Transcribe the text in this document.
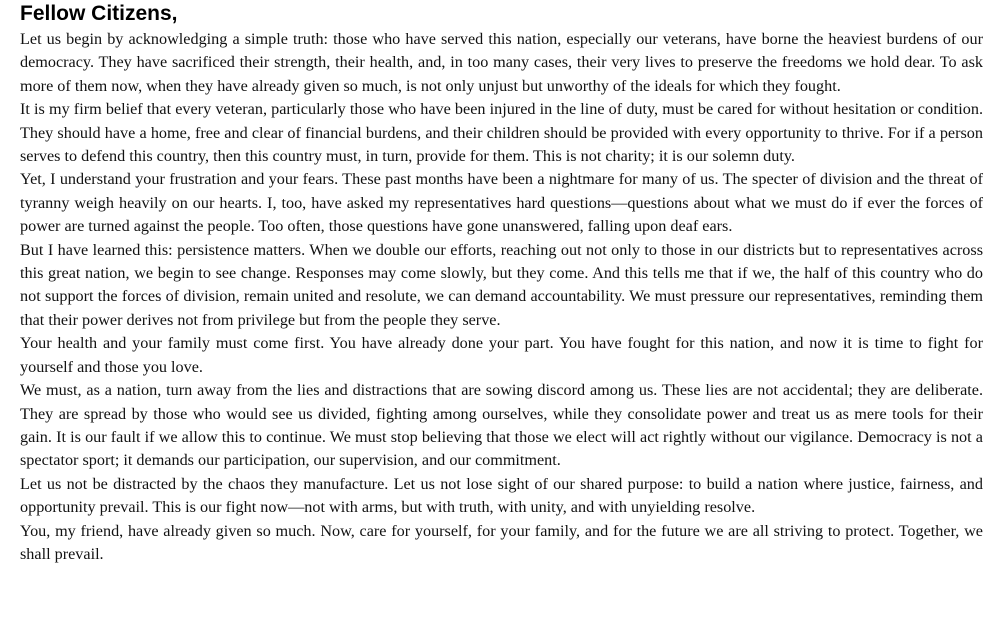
Fellow Citizens,

Let us begin by acknowledging a simple truth: those who have served this nation, especially our veterans, have borne the heaviest burdens of our democracy. They have sacrificed their strength, their health, and, in too many cases, their very lives to preserve the freedoms we hold dear. To ask more of them now, when they have already given so much, is not only unjust but unworthy of the ideals for which they fought.

It is my firm belief that every veteran, particularly those who have been injured in the line of duty, must be cared for without hesitation or condition. They should have a home, free and clear of financial burdens, and their children should be provided with every opportunity to thrive. For if a person serves to defend this country, then this country must, in turn, provide for them. This is not charity; it is our solemn duty.

Yet, I understand your frustration and your fears. These past months have been a nightmare for many of us. The specter of division and the threat of tyranny weigh heavily on our hearts. I, too, have asked my representatives hard questions—questions about what we must do if ever the forces of power are turned against the people. Too often, those questions have gone unanswered, falling upon deaf ears.

But I have learned this: persistence matters. When we double our efforts, reaching out not only to those in our districts but to representatives across this great nation, we begin to see change. Responses may come slowly, but they come. And this tells me that if we, the half of this country who do not support the forces of division, remain united and resolute, we can demand accountability. We must pressure our representatives, reminding them that their power derives not from privilege but from the people they serve.

Your health and your family must come first. You have already done your part. You have fought for this nation, and now it is time to fight for yourself and those you love.

We must, as a nation, turn away from the lies and distractions that are sowing discord among us. These lies are not accidental; they are deliberate. They are spread by those who would see us divided, fighting among ourselves, while they consolidate power and treat us as mere tools for their gain. It is our fault if we allow this to continue. We must stop believing that those we elect will act rightly without our vigilance. Democracy is not a spectator sport; it demands our participation, our supervision, and our commitment.

Let us not be distracted by the chaos they manufacture. Let us not lose sight of our shared purpose: to build a nation where justice, fairness, and opportunity prevail. This is our fight now—not with arms, but with truth, with unity, and with unyielding resolve.

You, my friend, have already given so much. Now, care for yourself, for your family, and for the future we are all striving to protect. Together, we shall prevail.
